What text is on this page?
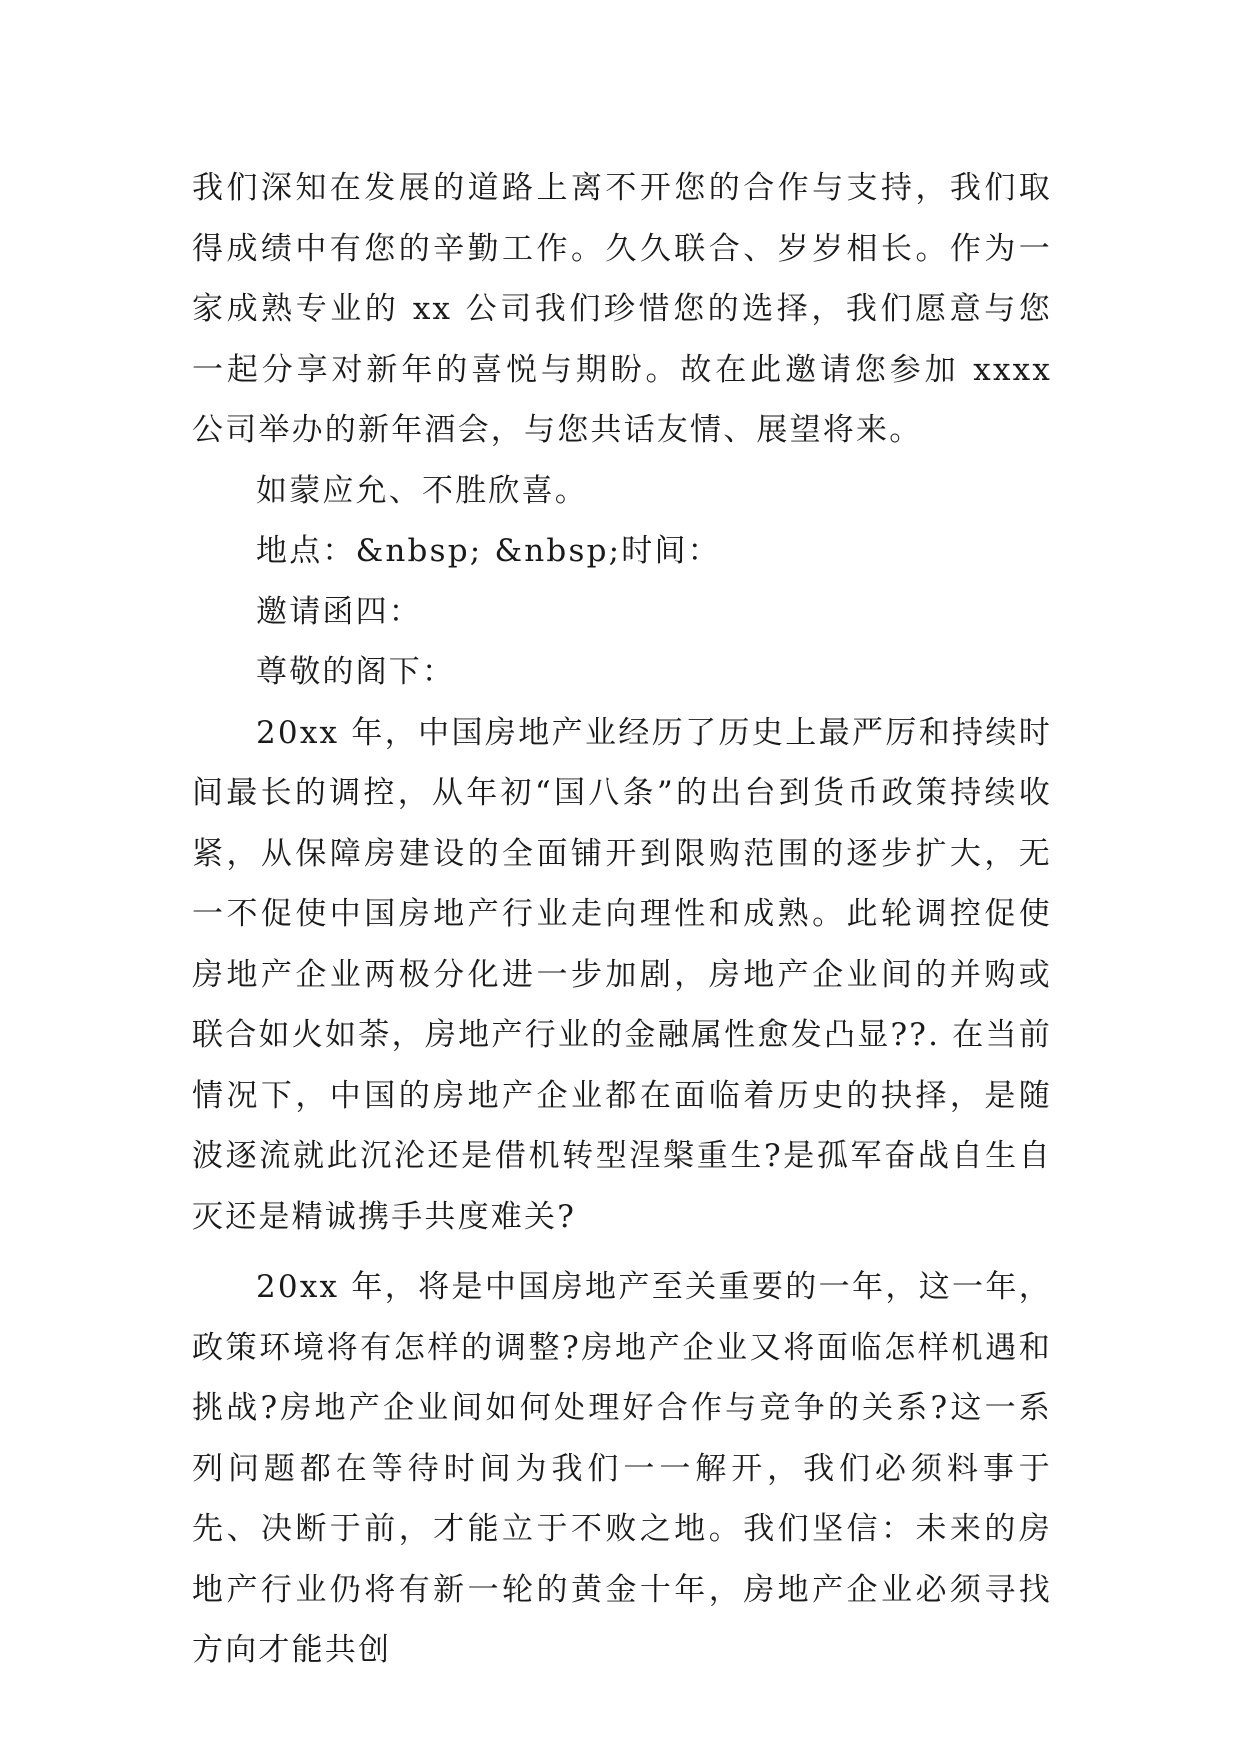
我们深知在发展的道路上离不开您的合作与支持，我们取得成绩中有您的辛勤工作。久久联合、岁岁相长。作为一家成熟专业的 xx 公司我们珍惜您的选择，我们愿意与您一起分享对新年的喜悦与期盼。故在此邀请您参加 xxxx 公司举办的新年酒会，与您共话友情、展望将来。

如蒙应允、不胜欣喜。

地点：&nbsp; &nbsp;时间：

邀请函四：

尊敬的阁下：

20xx 年，中国房地产业经历了历史上最严厉和持续时间最长的调控，从年初“国八条”的出台到货币政策持续收紧，从保障房建设的全面铺开到限购范围的逐步扩大，无一不促使中国房地产行业走向理性和成熟。此轮调控促使房地产企业两极分化进一步加剧，房地产企业间的并购或联合如火如荼，房地产行业的金融属性愈发凸显??. 在当前情况下，中国的房地产企业都在面临着历史的抉择，是随波逐流就此沉沦还是借机转型涅槃重生?是孤军奋战自生自灭还是精诚携手共度难关?

20xx 年，将是中国房地产至关重要的一年，这一年，政策环境将有怎样的调整?房地产企业又将面临怎样机遇和挑战?房地产企业间如何处理好合作与竞争的关系?这一系列问题都在等待时间为我们一一解开，我们必须料事于先、决断于前，才能立于不败之地。我们坚信：未来的房地产行业仍将有新一轮的黄金十年，房地产企业必须寻找方向才能共创
